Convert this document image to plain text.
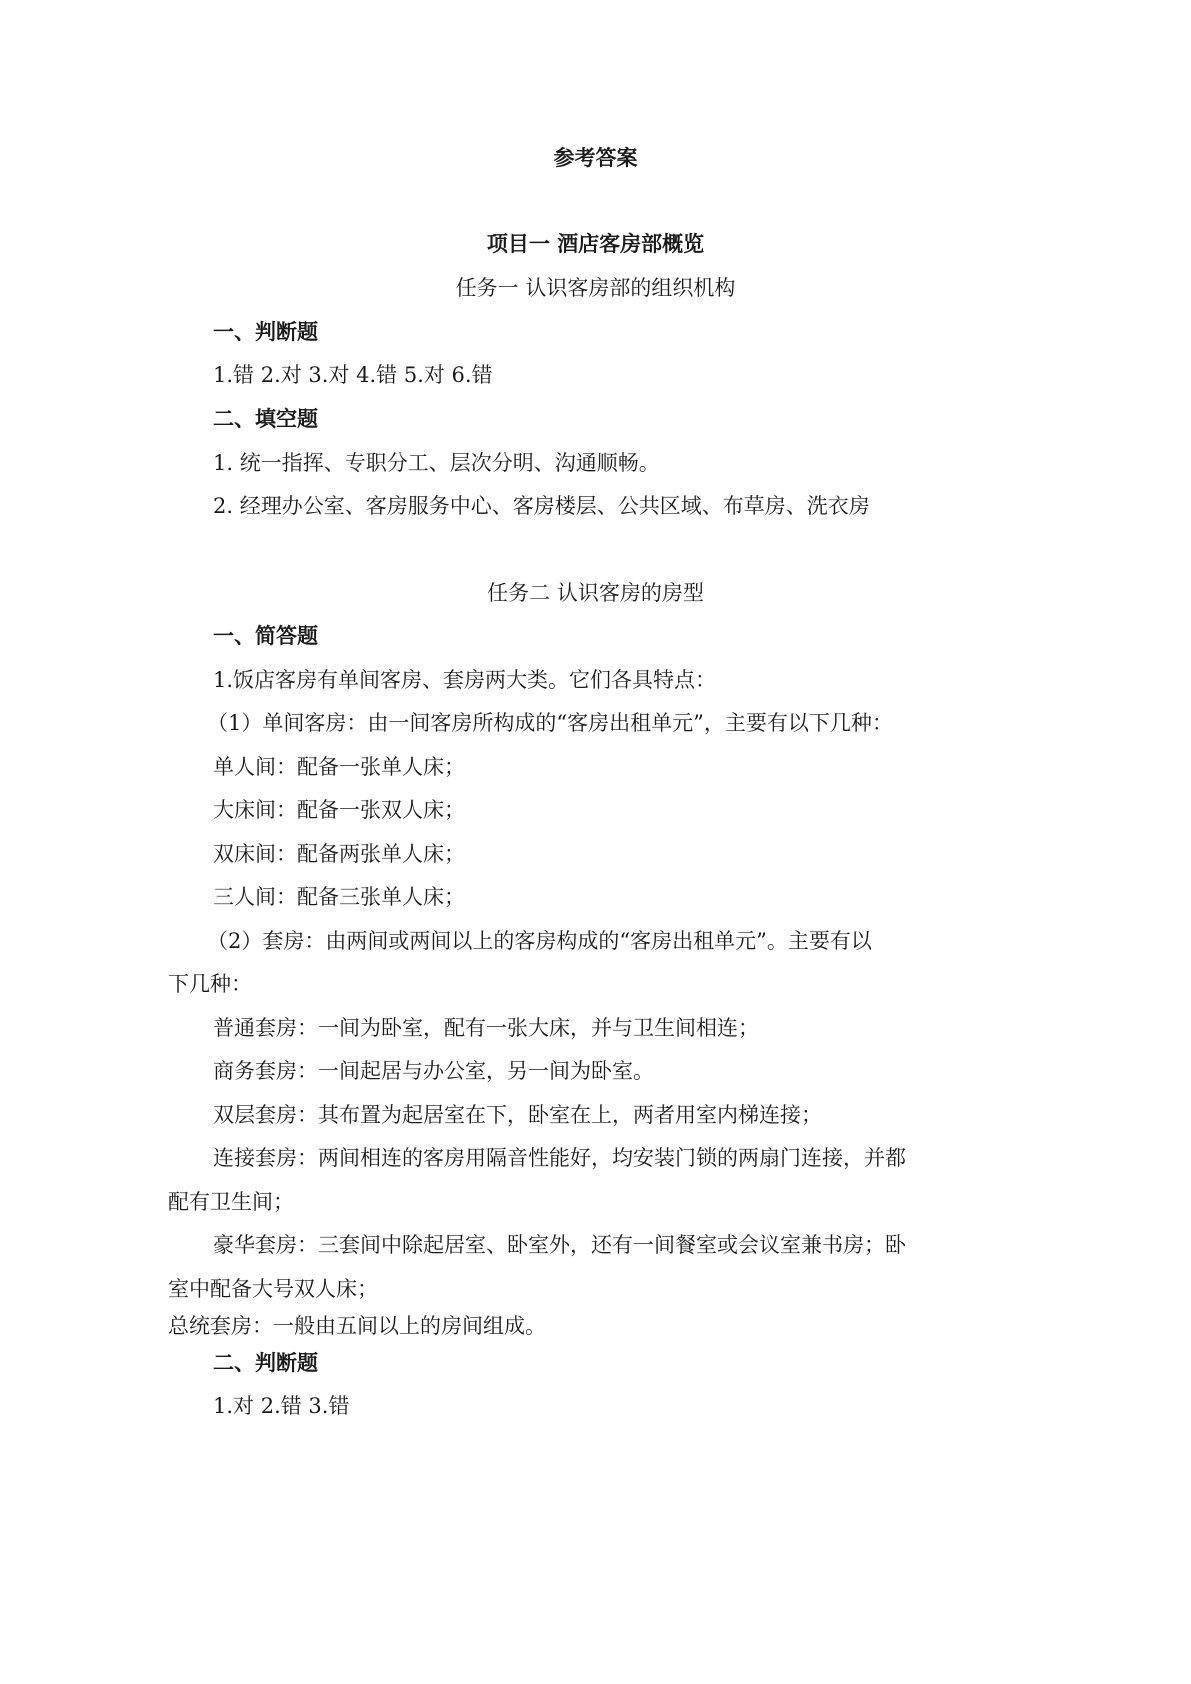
参考答案
项目一 酒店客房部概览
任务一 认识客房部的组织机构
一、判断题
1.错 2.对 3.对 4.错 5.对 6.错
二、填空题
1. 统一指挥、专职分工、层次分明、沟通顺畅。
2. 经理办公室、客房服务中心、客房楼层、公共区域、布草房、洗衣房
任务二 认识客房的房型
一、简答题
1.饭店客房有单间客房、套房两大类。它们各具特点：
（1）单间客房：由一间客房所构成的“客房出租单元”，主要有以下几种：
单人间：配备一张单人床；
大床间：配备一张双人床；
双床间：配备两张单人床；
三人间：配备三张单人床；
（2）套房：由两间或两间以上的客房构成的“客房出租单元”。主要有以
下几种：
普通套房：一间为卧室，配有一张大床，并与卫生间相连；
商务套房：一间起居与办公室，另一间为卧室。
双层套房：其布置为起居室在下，卧室在上，两者用室内梯连接；
连接套房：两间相连的客房用隔音性能好，均安装门锁的两扇门连接，并都
配有卫生间；
豪华套房：三套间中除起居室、卧室外，还有一间餐室或会议室兼书房；卧
室中配备大号双人床；
总统套房：一般由五间以上的房间组成。
二、判断题
1.对 2.错 3.错
